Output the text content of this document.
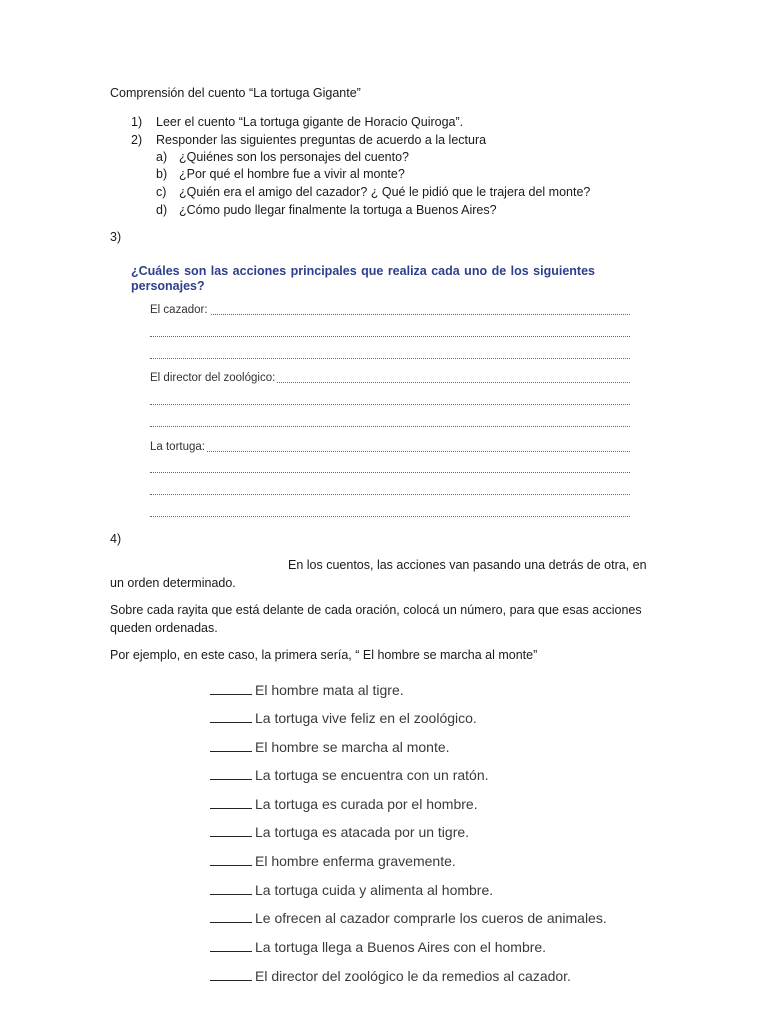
Comprensión del cuento “La tortuga Gigante”
1) Leer el cuento “La tortuga gigante de Horacio Quiroga”.
2) Responder las siguientes preguntas de acuerdo a la lectura
a) ¿Quiénes son los personajes del cuento?
b) ¿Por qué el hombre fue a vivir al monte?
c) ¿Quién era el amigo del cazador? ¿ Qué le pidió que le trajera del monte?
d) ¿Cómo pudo llegar finalmente la tortuga a Buenos Aires?
3)
¿Cuáles son las acciones principales que realiza cada uno de los siguientes
personajes?
El cazador:
El director del zoológico:
La tortuga:
4)
En los cuentos, las acciones van pasando una detrás de otra, en
un orden determinado.
Sobre cada rayita que está delante de cada oración, colocá un número, para que esas acciones
queden ordenadas.
Por ejemplo, en este caso, la primera sería, “ El hombre se marcha al monte”
El hombre mata al tigre.
La tortuga vive feliz en el zoológico.
El hombre se marcha al monte.
La tortuga se encuentra con un ratón.
La tortuga es curada por el hombre.
La tortuga es atacada por un tigre.
El hombre enferma gravemente.
La tortuga cuida y alimenta al hombre.
Le ofrecen al cazador comprarle los cueros de animales.
La tortuga llega a Buenos Aires con el hombre.
El director del zoológico le da remedios al cazador.
